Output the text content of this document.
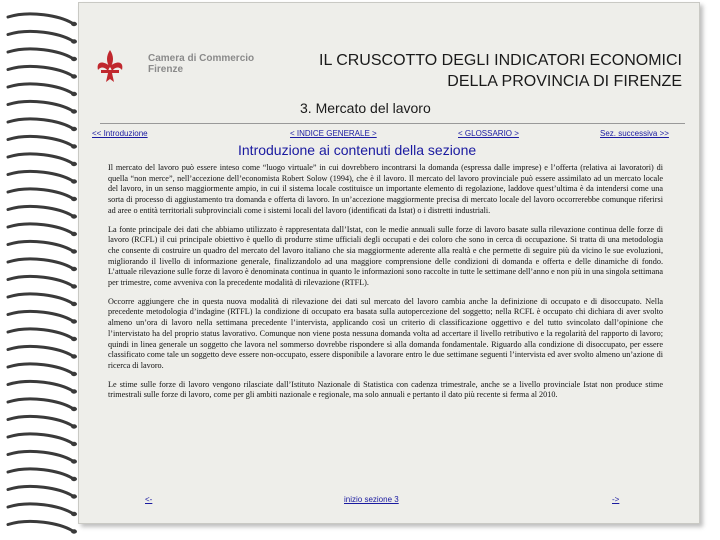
Camera di Commercio
Firenze
IL CRUSCOTTO DEGLI INDICATORI ECONOMICI
DELLA PROVINCIA DI FIRENZE
3. Mercato del lavoro
<< Introduzione	< INDICE GENERALE >	< GLOSSARIO >	Sez. successiva >>
Introduzione ai contenuti della sezione

Il mercato del lavoro può essere inteso come “luogo virtuale” in cui dovrebbero incontrarsi la domanda (espressa dalle imprese) e l’offerta (relativa ai lavoratori) di quella “non merce”, nell’accezione dell’economista Robert Solow (1994), che è il lavoro. Il mercato del lavoro provinciale può essere assimilato ad un mercato locale del lavoro, in un senso maggiormente ampio, in cui il sistema locale costituisce un importante elemento di regolazione, laddove quest’ultima è da intendersi come una sorta di processo di aggiustamento tra domanda e offerta di lavoro. In un’accezione maggiormente precisa di mercato locale del lavoro occorrerebbe comunque riferirsi ad aree o entità territoriali subprovinciali come i sistemi locali del lavoro (identificati da Istat) o i distretti industriali.

La fonte principale dei dati che abbiamo utilizzato è rappresentata dall’Istat, con le medie annuali sulle forze di lavoro basate sulla rilevazione continua delle forze di lavoro (RCFL) il cui principale obiettivo è quello di produrre stime ufficiali degli occupati e dei coloro che sono in cerca di occupazione. Si tratta di una metodologia che consente di costruire un quadro del mercato del lavoro italiano che sia maggiormente aderente alla realtà e che permette di seguire più da vicino le sue evoluzioni, migliorando il livello di informazione generale, finalizzandolo ad una maggiore comprensione delle condizioni di domanda e offerta e delle dinamiche di fondo. L’attuale rilevazione sulle forze di lavoro è denominata continua in quanto le informazioni sono raccolte in tutte le settimane dell’anno e non più in una singola settimana per trimestre, come avveniva con la precedente modalità di rilevazione (RTFL).

Occorre aggiungere che in questa nuova modalità di rilevazione dei dati sul mercato del lavoro cambia anche la definizione di occupato e di disoccupato. Nella precedente metodologia d’indagine (RTFL) la condizione di occupato era basata sulla autopercezione del soggetto; nella RCFL è occupato chi dichiara di aver svolto almeno un’ora di lavoro nella settimana precedente l’intervista, applicando così un criterio di classificazione oggettivo e del tutto svincolato dall’opinione che l’intervistato ha del proprio status lavorativo. Comunque non viene posta nessuna domanda volta ad accertare il livello retributivo e la regolarità del rapporto di lavoro; quindi in linea generale un soggetto che lavora nel sommerso dovrebbe rispondere sì alla domanda fondamentale. Riguardo alla condizione di disoccupato, per essere classificato come tale un soggetto deve essere non-occupato, essere disponibile a lavorare entro le due settimane seguenti l’intervista ed aver svolto almeno un’azione di ricerca di lavoro.

Le stime sulle forze di lavoro vengono rilasciate dall’Istituto Nazionale di Statistica con cadenza trimestrale, anche se a livello provinciale Istat non produce stime trimestrali sulle forze di lavoro, come per gli ambiti nazionale e regionale, ma solo annuali e pertanto il dato più recente si ferma al 2010.

<-	inizio sezione 3	->
